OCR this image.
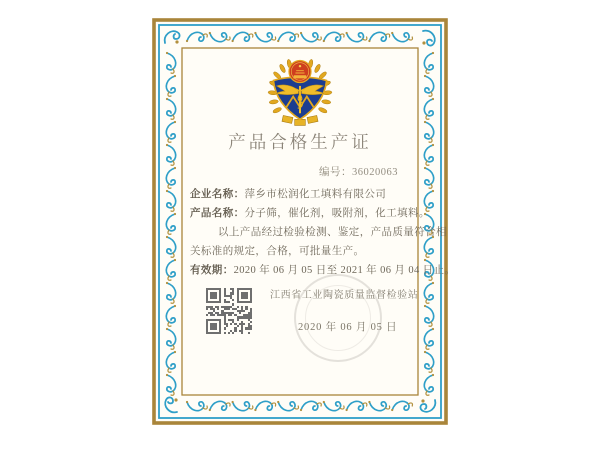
产品合格生产证
编号：36020063
企业名称：萍乡市松润化工填料有限公司
产品名称：分子筛，催化剂，吸附剂，化工填料。
以上产品经过检验检测、鉴定，产品质量符合相
关标准的规定，合格，可批量生产。
有效期：2020 年 06 月 05 日至 2021 年 06 月 04 日止。
江西省工业陶瓷质量监督检验站
2020 年 06 月 05 日
